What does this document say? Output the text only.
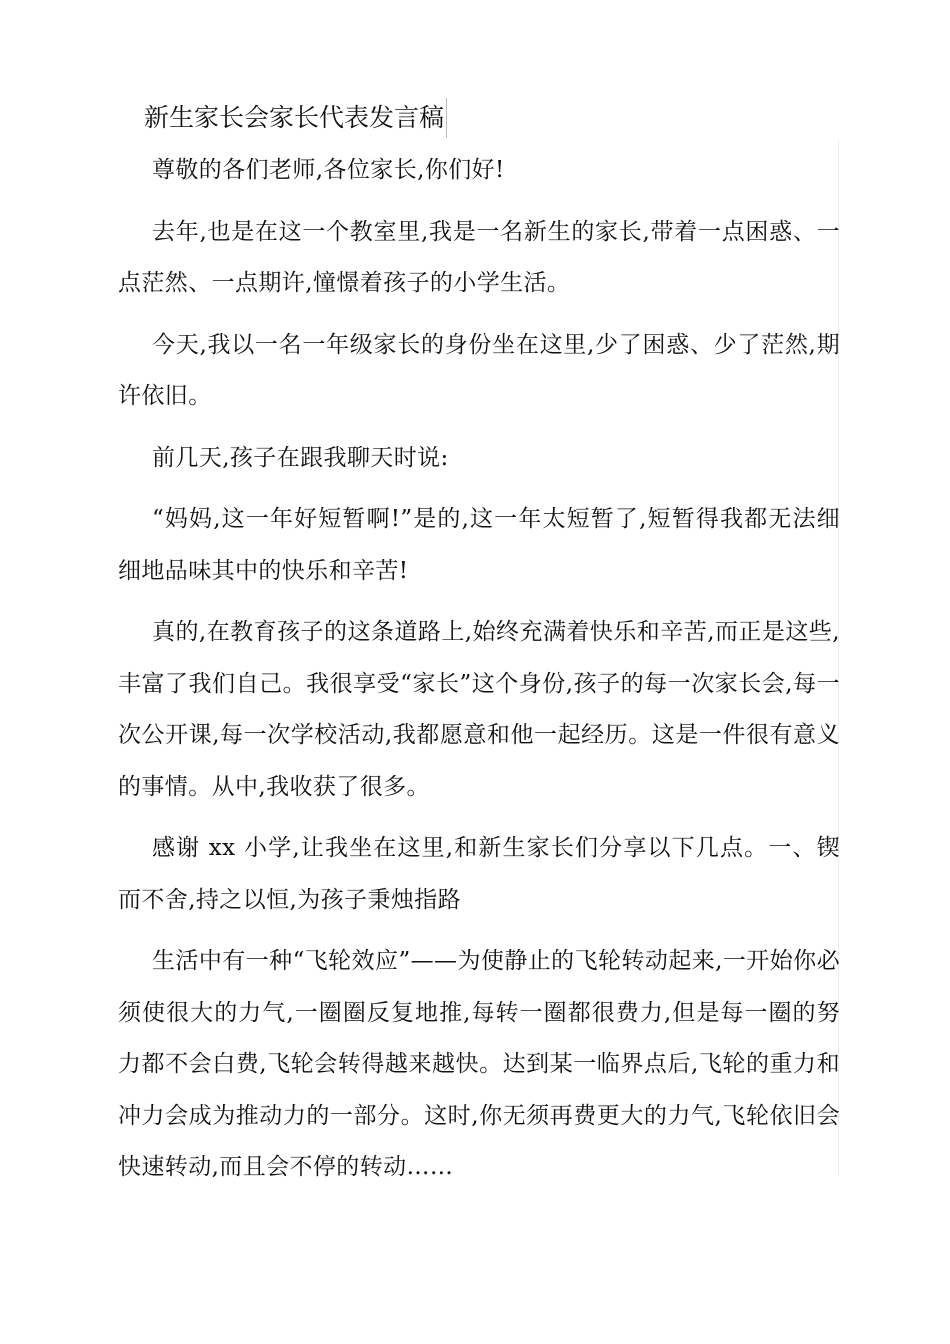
新生家长会家长代表发言稿

尊敬的各们老师,各位家长,你们好!

去年,也是在这一个教室里,我是一名新生的家长,带着一点困惑、一点茫然、一点期许,憧憬着孩子的小学生活。

今天,我以一名一年级家长的身份坐在这里,少了困惑、少了茫然,期许依旧。

前几天,孩子在跟我聊天时说:

“妈妈,这一年好短暂啊!”是的,这一年太短暂了,短暂得我都无法细细地品味其中的快乐和辛苦!

真的,在教育孩子的这条道路上,始终充满着快乐和辛苦,而正是这些,丰富了我们自己。我很享受“家长”这个身份,孩子的每一次家长会,每一次公开课,每一次学校活动,我都愿意和他一起经历。这是一件很有意义的事情。从中,我收获了很多。

感谢 xx 小学,让我坐在这里,和新生家长们分享以下几点。一、锲而不舍,持之以恒,为孩子秉烛指路

生活中有一种“飞轮效应”——为使静止的飞轮转动起来,一开始你必须使很大的力气,一圈圈反复地推,每转一圈都很费力,但是每一圈的努力都不会白费,飞轮会转得越来越快。达到某一临界点后,飞轮的重力和冲力会成为推动力的一部分。这时,你无须再费更大的力气,飞轮依旧会快速转动,而且会不停的转动……
